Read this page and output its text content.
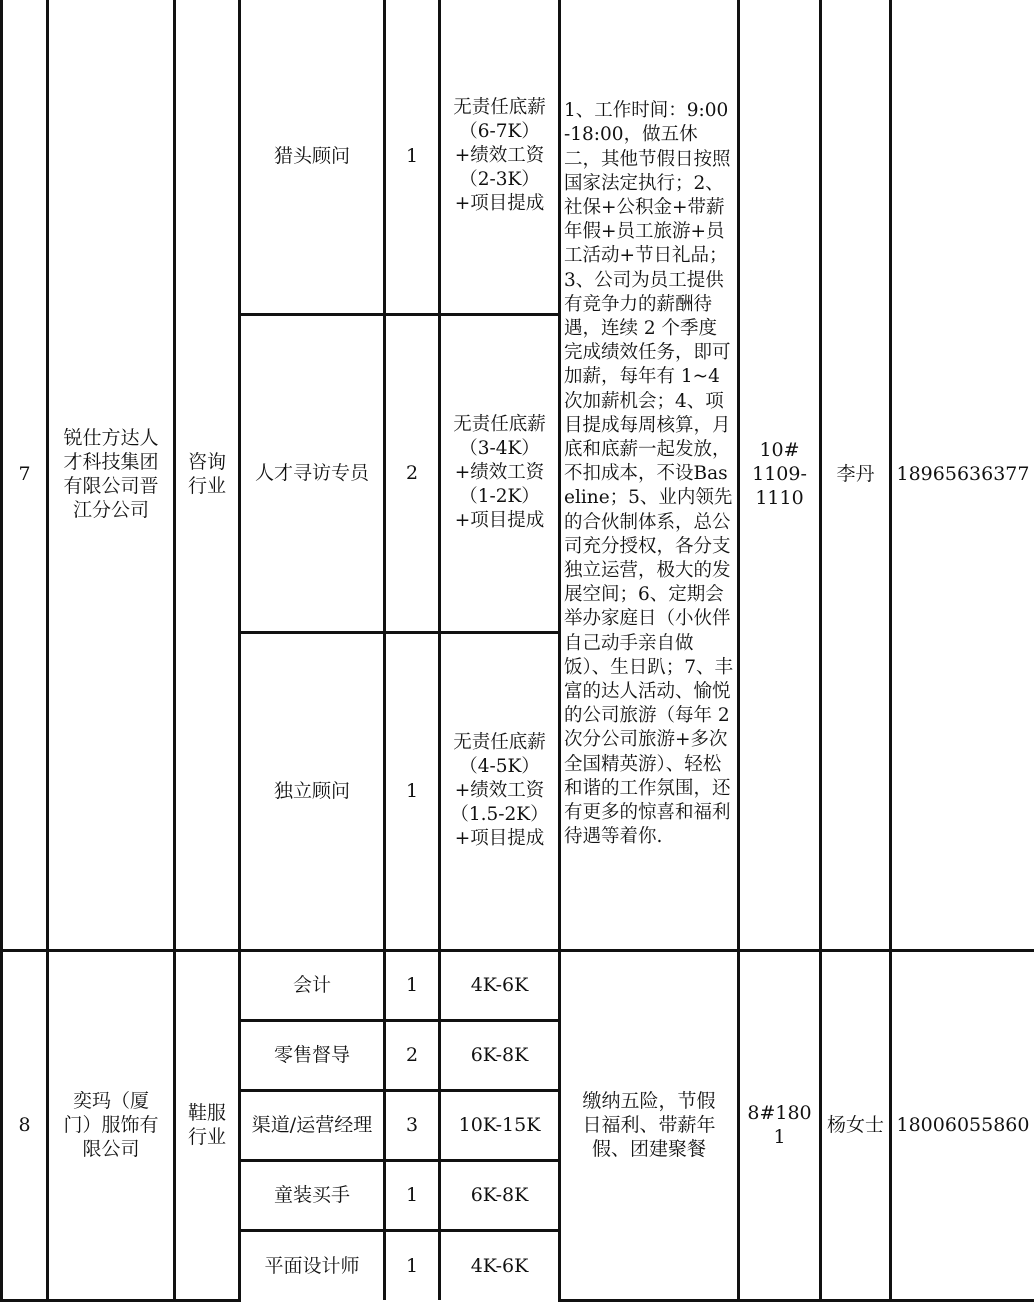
7	锐仕方达人才科技集团有限公司晋江分公司	咨询行业	猎头顾问	1	无责任底薪（6-7K）+绩效工资（2-3K）+项目提成	1、工作时间：9:00-18:00，做五休二，其他节假日按照国家法定执行；2、社保+公积金+带薪年假+员工旅游+员工活动+节日礼品；3、公司为员工提供有竞争力的薪酬待遇，连续 2 个季度完成绩效任务，即可加薪，每年有 1~4 次加薪机会；4、项目提成每周核算，月底和底薪一起发放，不扣成本，不设Baseline；5、业内领先的合伙制体系，总公司充分授权，各分支独立运营，极大的发展空间；6、定期会举办家庭日（小伙伴自己动手亲自做饭）、生日趴；7、丰富的达人活动、愉悦的公司旅游（每年 2 次分公司旅游+多次全国精英游）、轻松和谐的工作氛围，还有更多的惊喜和福利待遇等着你.	10# 1109-1110	李丹	18965636377
			人才寻访专员	2	无责任底薪（3-4K）+绩效工资（1-2K）+项目提成				
			独立顾问	1	无责任底薪（4-5K）+绩效工资（1.5-2K）+项目提成				
8	奕玛（厦门）服饰有限公司	鞋服行业	会计	1	4K-6K	缴纳五险，节假日福利、带薪年假、团建聚餐	8#1801	杨女士	18006055860
			零售督导	2	6K-8K				
			渠道/运营经理	3	10K-15K				
			童装买手	1	6K-8K				
			平面设计师	1	4K-6K				
